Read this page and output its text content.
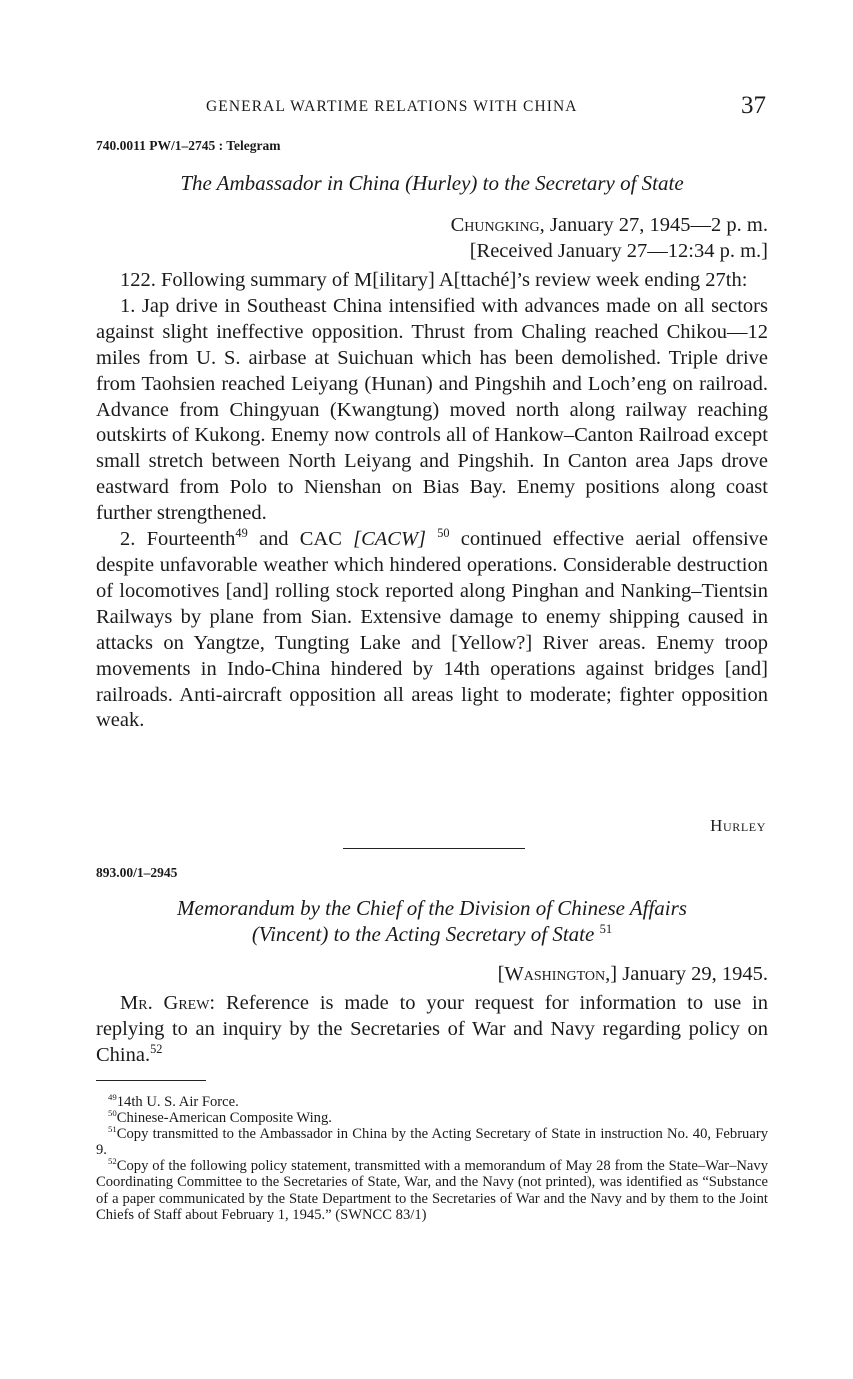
GENERAL WARTIME RELATIONS WITH CHINA	37
740.0011 PW/1–2745 : Telegram
The Ambassador in China (Hurley) to the Secretary of State
Chungking, January 27, 1945—2 p. m.
[Received January 27—12:34 p. m.]

122. Following summary of M[ilitary] A[ttaché]’s review week ending 27th:

1. Jap drive in Southeast China intensified with advances made on all sectors against slight ineffective opposition. Thrust from Chaling reached Chikou—12 miles from U. S. airbase at Suichuan which has been demolished. Triple drive from Taohsien reached Leiyang (Hunan) and Pingshih and Loch’eng on railroad. Advance from Chingyuan (Kwangtung) moved north along railway reaching outskirts of Kukong. Enemy now controls all of Hankow–Canton Railroad except small stretch between North Leiyang and Pingshih. In Canton area Japs drove eastward from Polo to Nienshan on Bias Bay. Enemy positions along coast further strengthened.

2. Fourteenth$^{49}$ and CAC [CACW] $^{50}$ continued effective aerial offensive despite unfavorable weather which hindered operations. Considerable destruction of locomotives [and] rolling stock reported along Pinghan and Nanking–Tientsin Railways by plane from Sian. Extensive damage to enemy shipping caused in attacks on Yangtze, Tungting Lake and [Yellow?] River areas. Enemy troop movements in Indo-China hindered by 14th operations against bridges [and] railroads. Anti-aircraft opposition all areas light to moderate; fighter opposition weak.

Hurley
893.00/1–2945
Memorandum by the Chief of the Division of Chinese Affairs
(Vincent) to the Acting Secretary of State $^{51}$
[Washington,] January 29, 1945.

Mr. Grew: Reference is made to your request for information to use in replying to an inquiry by the Secretaries of War and Navy regarding policy on China.$^{52}$

$^{49}$14th U. S. Air Force.

$^{50}$Chinese-American Composite Wing.

$^{51}$Copy transmitted to the Ambassador in China by the Acting Secretary of State in instruction No. 40, February 9.

$^{52}$Copy of the following policy statement, transmitted with a memorandum of May 28 from the State–War–Navy Coordinating Committee to the Secretaries of State, War, and the Navy (not printed), was identified as “Substance of a paper communicated by the State Department to the Secretaries of War and the Navy and by them to the Joint Chiefs of Staff about February 1, 1945.” (SWNCC 83/1)
